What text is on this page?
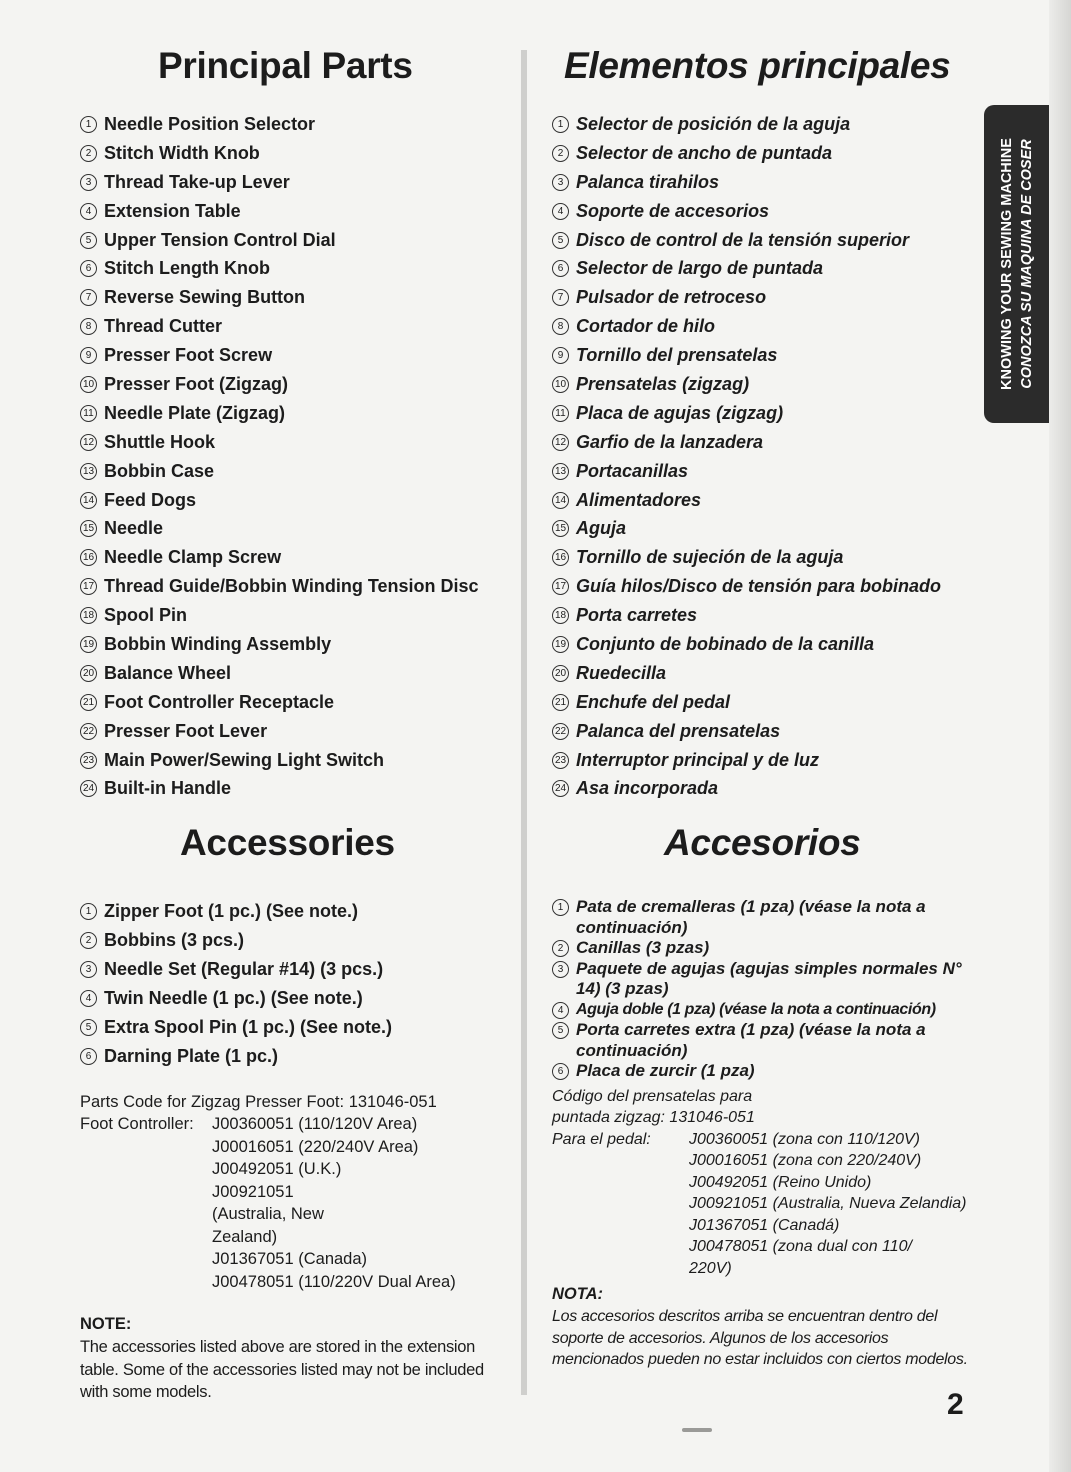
Principal Parts
1 Needle Position Selector
2 Stitch Width Knob
3 Thread Take-up Lever
4 Extension Table
5 Upper Tension Control Dial
6 Stitch Length Knob
7 Reverse Sewing Button
8 Thread Cutter
9 Presser Foot Screw
10 Presser Foot (Zigzag)
11 Needle Plate (Zigzag)
12 Shuttle Hook
13 Bobbin Case
14 Feed Dogs
15 Needle
16 Needle Clamp Screw
17 Thread Guide/Bobbin Winding Tension Disc
18 Spool Pin
19 Bobbin Winding Assembly
20 Balance Wheel
21 Foot Controller Receptacle
22 Presser Foot Lever
23 Main Power/Sewing Light Switch
24 Built-in Handle
Accessories
1 Zipper Foot (1 pc.) (See note.)
2 Bobbins (3 pcs.)
3 Needle Set (Regular #14) (3 pcs.)
4 Twin Needle (1 pc.) (See note.)
5 Extra Spool Pin (1 pc.) (See note.)
6 Darning Plate (1 pc.)
Parts Code for Zigzag Presser Foot: 131046-051
Foot Controller:	J00360051 (110/120V Area)
J00016051 (220/240V Area)
J00492051 (U.K.)
J00921051 (Australia, New Zealand)
J01367051 (Canada)
J00478051 (110/220V Dual Area)
NOTE:
The accessories listed above are stored in the extension table. Some of the accessories listed may not be included with some models.
Elementos principales
1 Selector de posición de la aguja
2 Selector de ancho de puntada
3 Palanca tirahilos
4 Soporte de accesorios
5 Disco de control de la tensión superior
6 Selector de largo de puntada
7 Pulsador de retroceso
8 Cortador de hilo
9 Tornillo del prensatelas
10 Prensatelas (zigzag)
11 Placa de agujas (zigzag)
12 Garfio de la lanzadera
13 Portacanillas
14 Alimentadores
15 Aguja
16 Tornillo de sujeción de la aguja
17 Guía hilos/Disco de tensión para bobinado
18 Porta carretes
19 Conjunto de bobinado de la canilla
20 Ruedecilla
21 Enchufe del pedal
22 Palanca del prensatelas
23 Interruptor principal y de luz
24 Asa incorporada
Accesorios
1 Pata de cremalleras (1 pza) (véase la nota a continuación)
2 Canillas (3 pzas)
3 Paquete de agujas (agujas simples normales N° 14) (3 pzas)
4 Aguja doble (1 pza) (véase la nota a continuación)
5 Porta carretes extra (1 pza) (véase la nota a continuación)
6 Placa de zurcir (1 pza)
Código del prensatelas para
puntada zigzag: 131046-051
Para el pedal:	J00360051 (zona con 110/120V)
J00016051 (zona con 220/240V)
J00492051 (Reino Unido)
J00921051 (Australia, Nueva Zelandia)
J01367051 (Canadá)
J00478051 (zona dual con 110/ 220V)
NOTA:
Los accesorios descritos arriba se encuentran dentro del soporte de accesorios. Algunos de los accesorios mencionados pueden no estar incluidos con ciertos modelos.
KNOWING YOUR SEWING MACHINE CONOZCA SU MAQUINA DE COSER
2
